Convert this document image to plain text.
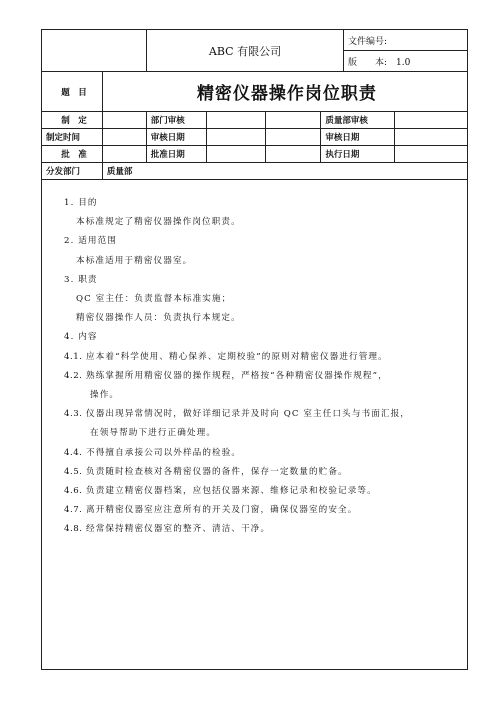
	ABC 有限公司	文件编号:
版　　本: 1.0
题　目	精密仪器操作岗位职责					
制　定		部门审核			质量部审核	
制定时间		审核日期			审核日期	
批　准		批准日期			执行日期	
分发部门	质量部					

1. 目的

本标准规定了精密仪器操作岗位职责。

2. 适用范围

本标准适用于精密仪器室。

3. 职责

QC 室主任：负责监督本标准实施；

精密仪器操作人员：负责执行本规定。

4. 内容

4.1. 应本着“科学使用、精心保养、定期校验”的原则对精密仪器进行管理。

4.2. 熟练掌握所用精密仪器的操作规程，严格按“各种精密仪器操作规程”，

操作。

4.3. 仪器出现异常情况时，做好详细记录并及时向 QC 室主任口头与书面汇报，

在领导帮助下进行正确处理。

4.4. 不得擅自承接公司以外样品的检验。

4.5. 负责随时检查核对各精密仪器的备件，保存一定数量的贮备。

4.6. 负责建立精密仪器档案，应包括仪器来源、维修记录和校验记录等。

4.7. 离开精密仪器室应注意所有的开关及门窗，确保仪器室的安全。

4.8. 经常保持精密仪器室的整齐、清洁、干净。
